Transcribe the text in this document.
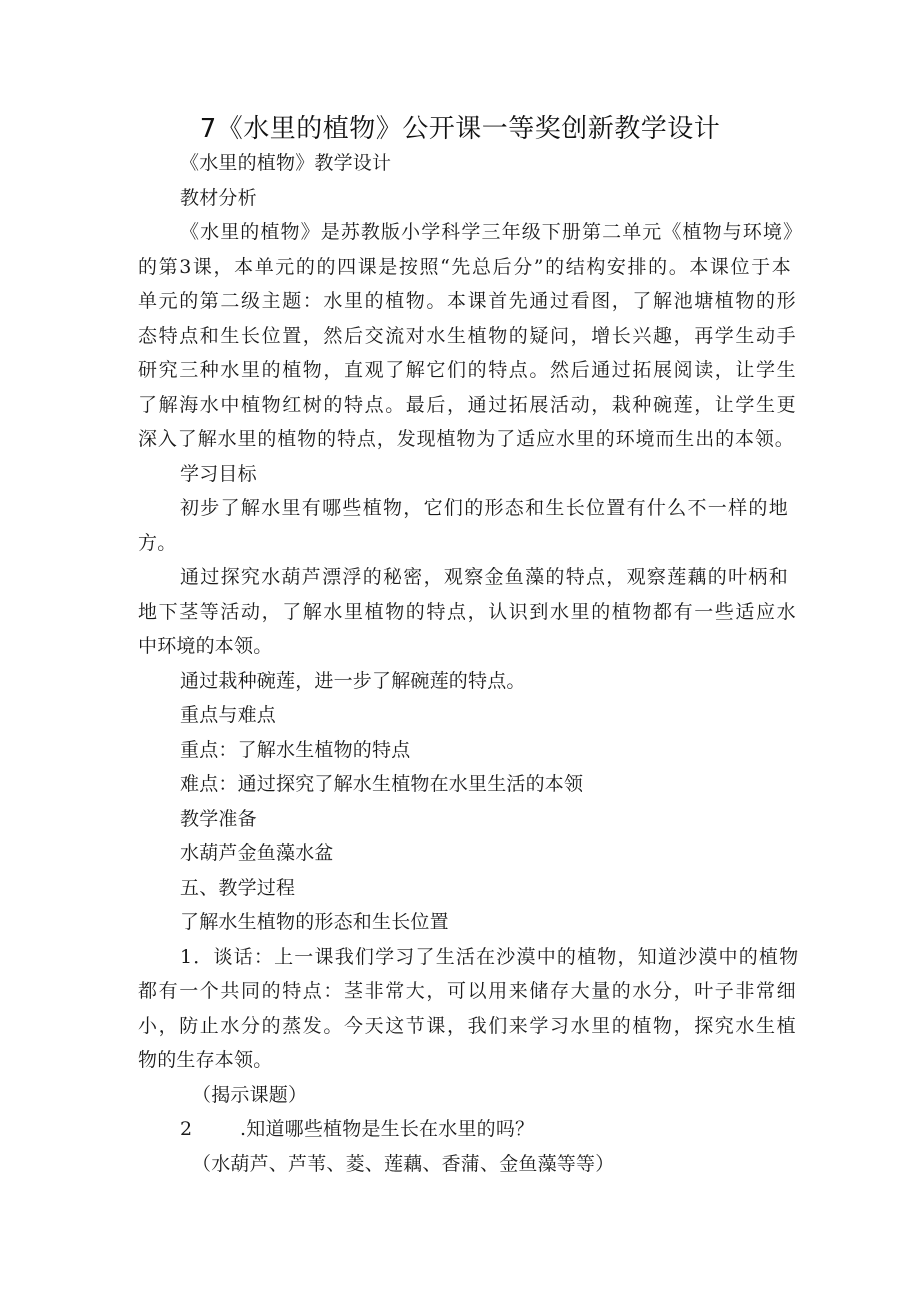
7《水里的植物》公开课一等奖创新教学设计
《水里的植物》教学设计
教材分析
《水里的植物》是苏教版小学科学三年级下册第二单元《植物与环境》
的第3课，本单元的的四课是按照“先总后分”的结构安排的。本课位于本
单元的第二级主题：水里的植物。本课首先通过看图，了解池塘植物的形
态特点和生长位置，然后交流对水生植物的疑问，增长兴趣，再学生动手
研究三种水里的植物，直观了解它们的特点。然后通过拓展阅读，让学生
了解海水中植物红树的特点。最后，通过拓展活动，栽种碗莲，让学生更
深入了解水里的植物的特点，发现植物为了适应水里的环境而生出的本领。
学习目标
初步了解水里有哪些植物，它们的形态和生长位置有什么不一样的地
方。
通过探究水葫芦漂浮的秘密，观察金鱼藻的特点，观察莲藕的叶柄和
地下茎等活动，了解水里植物的特点，认识到水里的植物都有一些适应水
中环境的本领。
通过栽种碗莲，进一步了解碗莲的特点。
重点与难点
重点：了解水生植物的特点
难点：通过探究了解水生植物在水里生活的本领
教学准备
水葫芦金鱼藻水盆
五、教学过程
了解水生植物的形态和生长位置
1．谈话：上一课我们学习了生活在沙漠中的植物，知道沙漠中的植物
都有一个共同的特点：茎非常大，可以用来储存大量的水分，叶子非常细
小，防止水分的蒸发。今天这节课，我们来学习水里的植物，探究水生植
物的生存本领。
（揭示课题）
2	.知道哪些植物是生长在水里的吗？
（水葫芦、芦苇、菱、莲藕、香蒲、金鱼藻等等）
